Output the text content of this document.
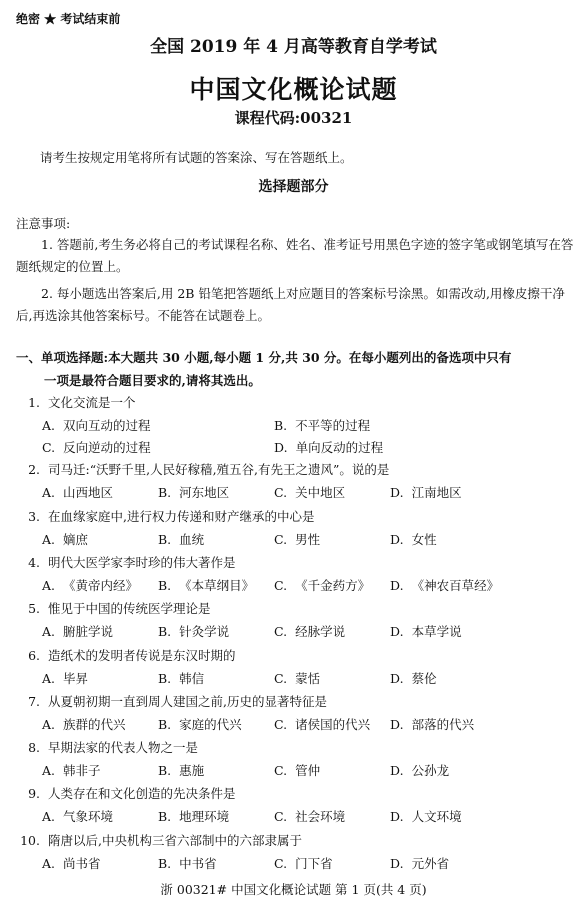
绝密 ★ 考试结束前
全国 2019 年 4 月高等教育自学考试
中国文化概论试题
课程代码:00321
请考生按规定用笔将所有试题的答案涂、写在答题纸上。
选择题部分
注意事项:
1. 答题前,考生务必将自己的考试课程名称、姓名、准考证号用黑色字迹的签字笔或钢笔填写在答题纸规定的位置上。
2. 每小题选出答案后,用 2B 铅笔把答题纸上对应题目的答案标号涂黑。如需改动,用橡皮擦干净后,再选涂其他答案标号。不能答在试题卷上。
一、单项选择题:本大题共 30 小题,每小题 1 分,共 30 分。在每小题列出的备选项中只有
一项是最符合题目要求的,请将其选出。
1. 文化交流是一个
A. 双向互动的过程	B. 不平等的过程
C. 反向逆动的过程	D. 单向反动的过程
2. 司马迁:“沃野千里,人民好稼穑,殖五谷,有先王之遗风”。说的是
A. 山西地区	B. 河东地区	C. 关中地区	D. 江南地区
3. 在血缘家庭中,进行权力传递和财产继承的中心是
A. 嫡庶	B. 血统	C. 男性	D. 女性
4. 明代大医学家李时珍的伟大著作是
A. 《黄帝内经》 B. 《本草纲目》 C. 《千金药方》 D. 《神农百草经》
5. 惟见于中国的传统医学理论是
A. 腑脏学说	B. 针灸学说	C. 经脉学说	D. 本草学说
6. 造纸术的发明者传说是东汉时期的
A. 毕昇	B. 韩信	C. 蒙恬	D. 蔡伦
7. 从夏朝初期一直到周人建国之前,历史的显著特征是
A. 族群的代兴	B. 家庭的代兴	C. 诸侯国的代兴 D. 部落的代兴
8. 早期法家的代表人物之一是
A. 韩非子	B. 惠施	C. 管仲	D. 公孙龙
9. 人类存在和文化创造的先决条件是
A. 气象环境	B. 地理环境	C. 社会环境	D. 人文环境
10. 隋唐以后,中央机构三省六部制中的六部隶属于
A. 尚书省	B. 中书省	C. 门下省	D. 元外省
浙 00321# 中国文化概论试题 第 1 页(共 4 页)
